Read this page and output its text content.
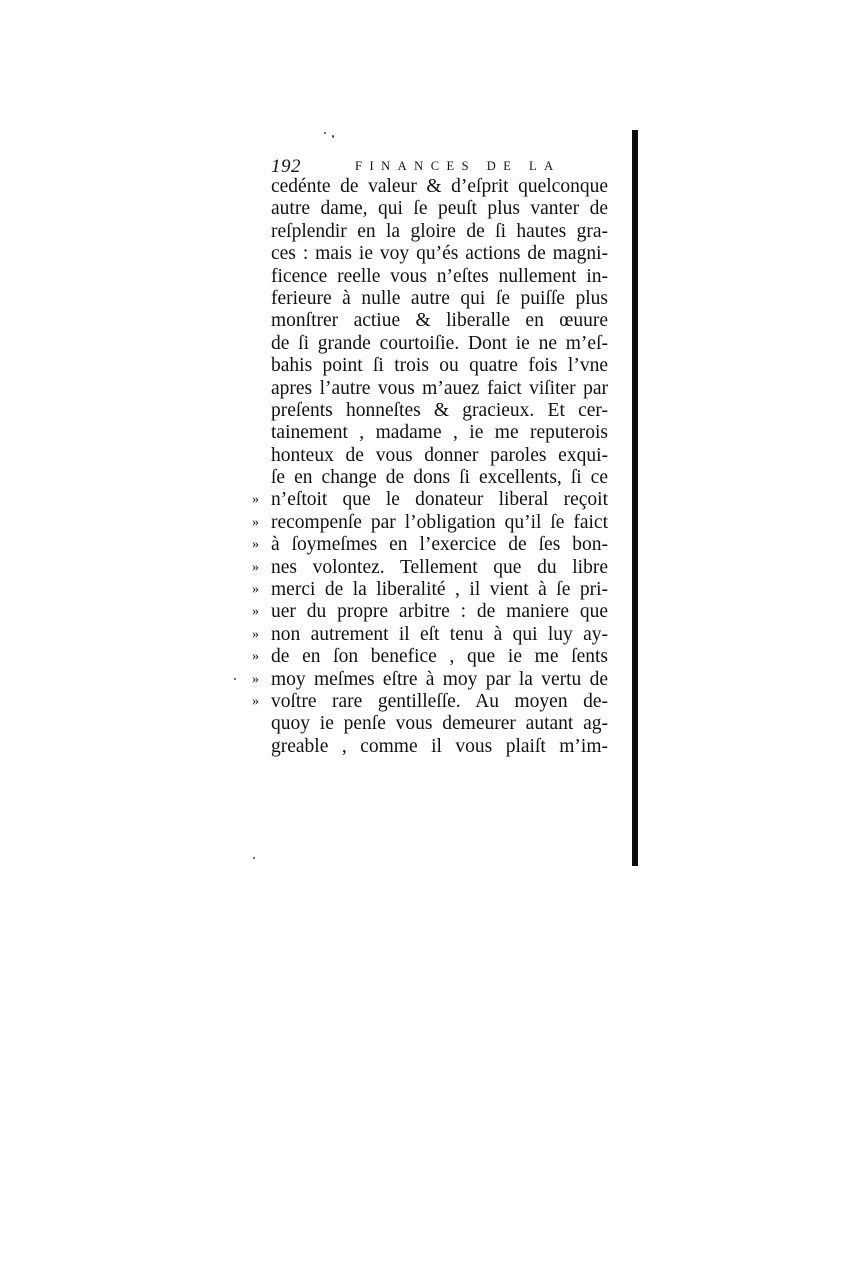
192	FINANCES DE LA
cedénte de valeur & d’eſprit quelconque
autre dame, qui ſe peuſt plus vanter de
reſplendir en la gloire de ſi hautes gra-
ces : mais ie voy qu’és actions de magni-
ficence reelle vous n’eſtes nullement in-
ferieure à nulle autre qui ſe puiſſe plus
monſtrer actiue & liberalle en œuure
de ſi grande courtoiſie. Dont ie ne m’eſ-
bahis point ſi trois ou quatre fois l’vne
apres l’autre vous m’auez faict viſiter par
preſents honneſtes & gracieux. Et cer-
tainement , madame , ie me reputerois
honteux de vous donner paroles exqui-
ſe en change de dons ſi excellents, ſi ce
» n’eſtoit que le donateur liberal reçoit
» recompenſe par l’obligation qu’il ſe faict
» à ſoymeſmes en l’exercice de ſes bon-
» nes volontez. Tellement que du libre
» merci de la liberalité , il vient à ſe pri-
» uer du propre arbitre : de maniere que
» non autrement il eſt tenu à qui luy ay-
» de en ſon benefice , que ie me ſents
» moy meſmes eſtre à moy par la vertu de
» voſtre rare gentilleſſe. Au moyen de-
quoy ie penſe vous demeurer autant ag-
greable , comme il vous plaiſt m’im-
